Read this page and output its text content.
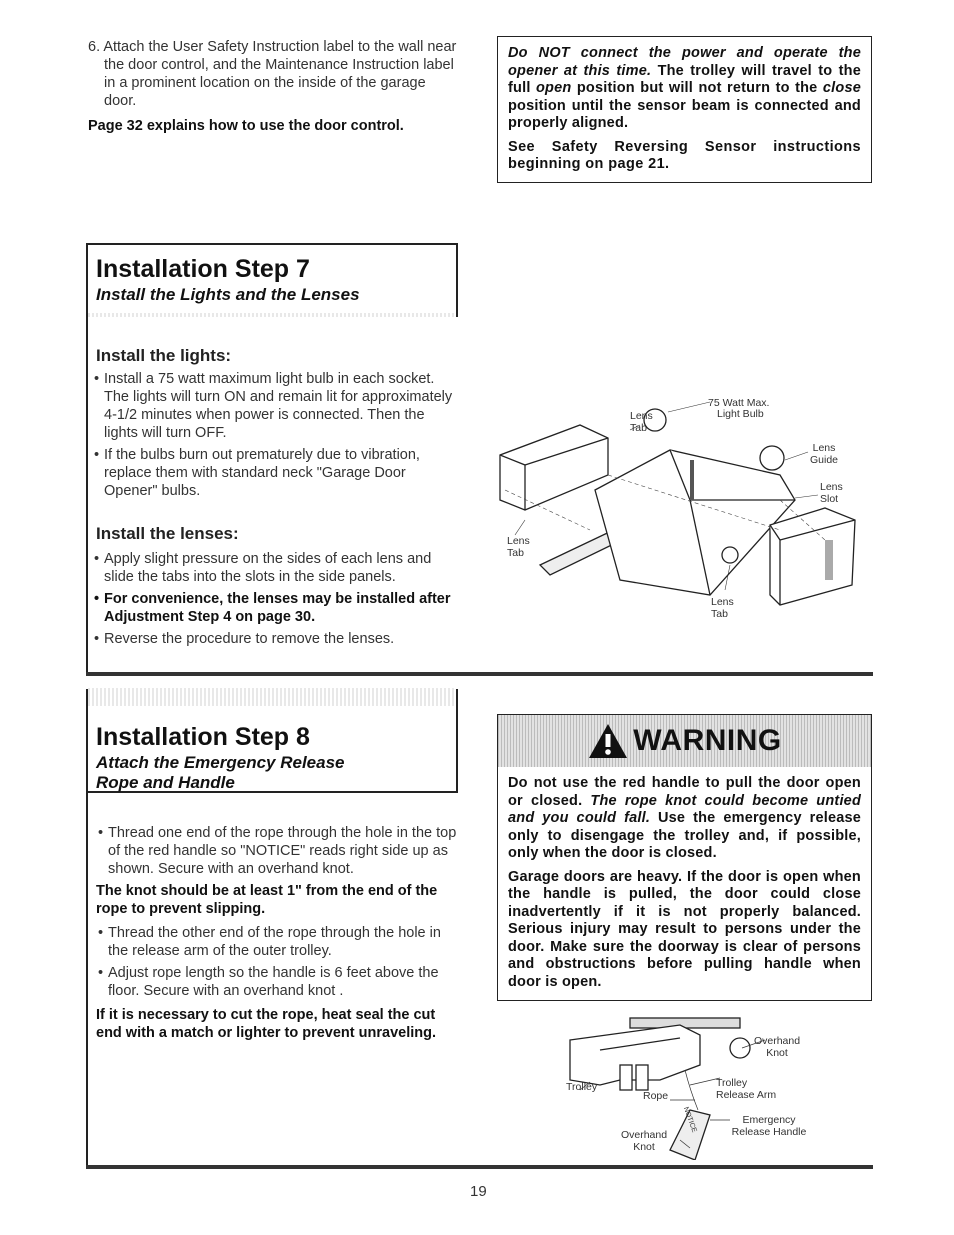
6. Attach the User Safety Instruction label to the wall near the door control, and the Maintenance Instruction label in a prominent location on the inside of the garage door.

Page 32 explains how to use the door control.

Do NOT connect the power and operate the opener at this time. The trolley will travel to the full open position but will not return to the close position until the sensor beam is connected and properly aligned.

See Safety Reversing Sensor instructions beginning on page 21.

Installation Step 7
Install the Lights and the Lenses
Install the lights:

• Install a 75 watt maximum light bulb in each socket. The lights will turn ON and remain lit for approximately 4-1/2 minutes when power is connected. Then the lights will turn OFF.

• If the bulbs burn out prematurely due to vibration, replace them with standard neck "Garage Door Opener" bulbs.

Install the lenses:

• Apply slight pressure on the sides of each lens and slide the tabs into the slots in the side panels.

• For convenience, the lenses may be installed after Adjustment Step 4 on page 30.

• Reverse the procedure to remove the lenses.

75 Watt Max.
Light Bulb
Lens Tab
Lens Guide
Lens Slot
Lens Tab
Lens Tab
Installation Step 8
Attach the Emergency Release Rope and Handle

• Thread one end of the rope through the hole in the top of the red handle so "NOTICE" reads right side up as shown. Secure with an overhand knot.

The knot should be at least 1" from the end of the rope to prevent slipping.

• Thread the other end of the rope through the hole in the release arm of the outer trolley.

• Adjust rope length so the handle is 6 feet above the floor. Secure with an overhand knot .

If it is necessary to cut the rope, heat seal the cut end with a match or lighter to prevent unraveling.

WARNING

Do not use the red handle to pull the door open or closed. The rope knot could become untied and you could fall. Use the emergency release only to disengage the trolley and, if possible, only when the door is closed.

Garage doors are heavy. If the door is open when the handle is pulled, the door could close inadvertently if it is not properly balanced. Serious injury may result to persons under the door. Make sure the doorway is clear of persons and obstructions before pulling handle when door is open.

Overhand Knot
Trolley	Trolley Release Arm
Rope
Emergency Release Handle
Overhand Knot
NOTICE
19
